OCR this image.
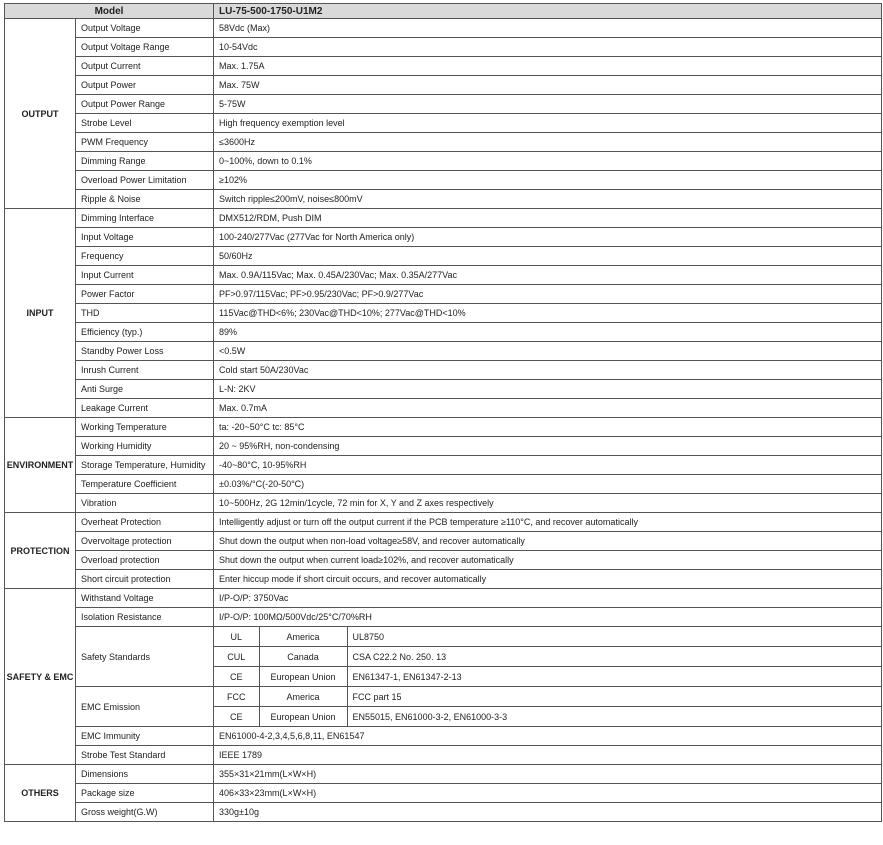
Model	LU-75-500-1750-U1M2
OUTPUT	Output Voltage	58Vdc (Max)
Output Voltage Range	10-54Vdc
Output Current	Max. 1.75A
Output Power	Max. 75W
Output Power Range	5-75W
Strobe Level	High frequency exemption level
PWM Frequency	≤3600Hz
Dimming Range	0~100%, down to 0.1%
Overload Power Limitation	≥102%
Ripple & Noise	Switch ripple≤200mV, noise≤800mV
INPUT	Dimming Interface	DMX512/RDM, Push DIM
Input Voltage	100-240/277Vac (277Vac for North America only)
Frequency	50/60Hz
Input Current	Max. 0.9A/115Vac; Max. 0.45A/230Vac; Max. 0.35A/277Vac
Power Factor	PF>0.97/115Vac; PF>0.95/230Vac; PF>0.9/277Vac
THD	115Vac@THD<6%; 230Vac@THD<10%; 277Vac@THD<10%
Efficiency (typ.)	89%
Standby Power Loss	<0.5W
Inrush Current	Cold start 50A/230Vac
Anti Surge	L-N: 2KV
Leakage Current	Max. 0.7mA
ENVIRONMENT	Working Temperature	ta: -20~50°C tc: 85°C
Working Humidity	20 ~ 95%RH, non-condensing
Storage Temperature, Humidity	-40~80°C, 10-95%RH
Temperature Coefficient	±0.03%/°C(-20-50°C)
Vibration	10~500Hz, 2G 12min/1cycle, 72 min for X, Y and Z axes respectively
PROTECTION	Overheat Protection	Intelligently adjust or turn off the output current if the PCB temperature ≥110°C, and recover automatically
Overvoltage protection	Shut down the output when non-load voltage≥58V, and recover automatically
Overload protection	Shut down the output when current load≥102%, and recover automatically
Short circuit protection	Enter hiccup mode if short circuit occurs, and recover automatically
SAFETY & EMC	Withstand Voltage	I/P-O/P: 3750Vac
Isolation Resistance	I/P-O/P: 100MΩ/500Vdc/25°C/70%RH
Safety Standards	
UL	America	UL8750
CUL	Canada	CSA C22.2 No. 250. 13
CE	European Union	EN61347-1, EN61347-2-13

EMC Emission	
FCC	America	FCC part 15
CE	European Union	EN55015, EN61000-3-2, EN61000-3-3

EMC Immunity	EN61000-4-2,3,4,5,6,8,11, EN61547
Strobe Test Standard	IEEE 1789
OTHERS	Dimensions	355×31×21mm(L×W×H)
Package size	406×33×23mm(L×W×H)
Gross weight(G.W)	330g±10g
